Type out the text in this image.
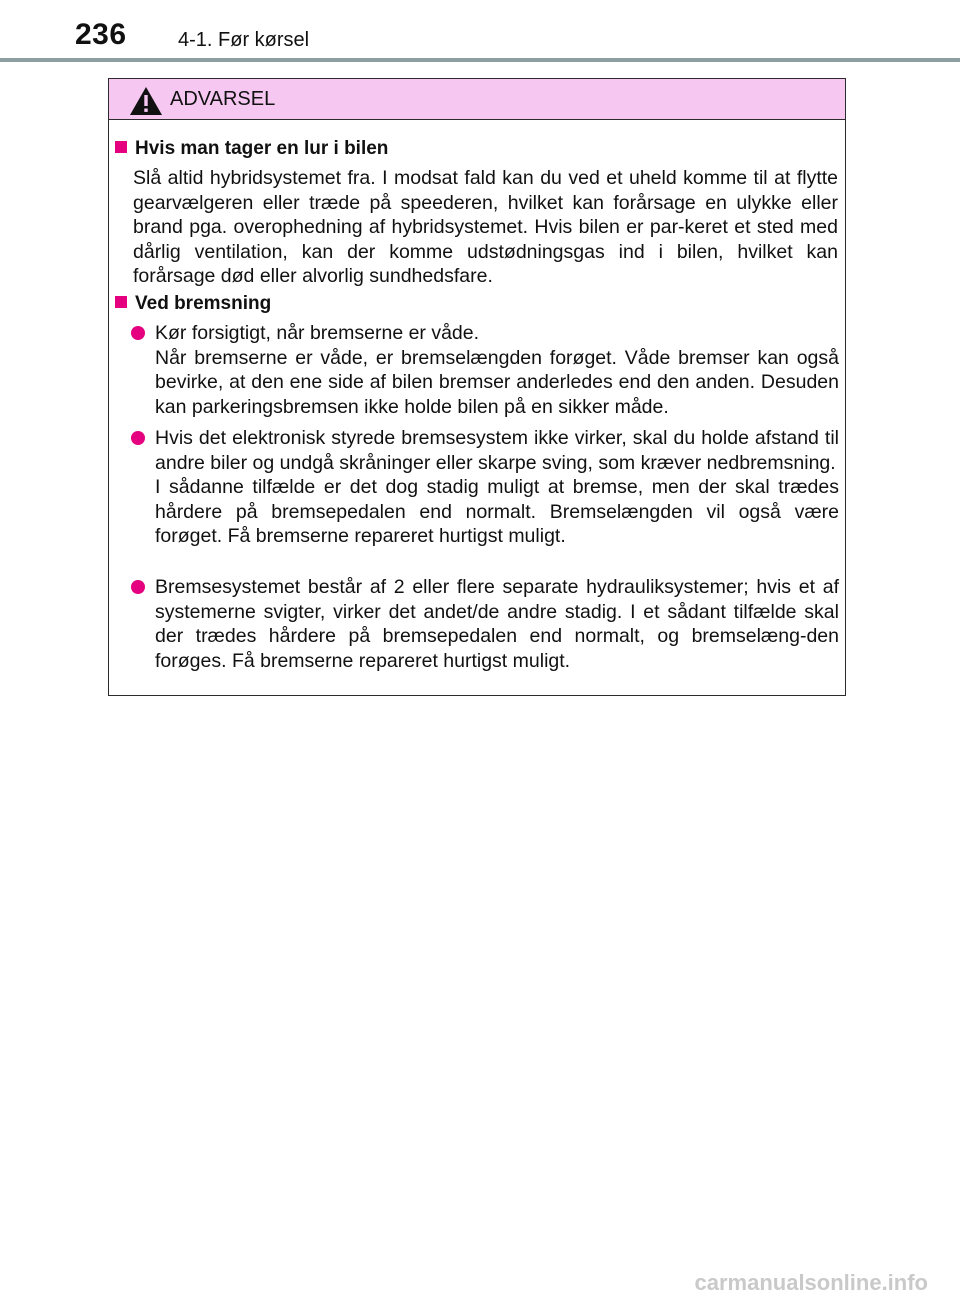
236	4-1. Før kørsel
ADVARSEL
Hvis man tager en lur i bilen
Slå altid hybridsystemet fra. I modsat fald kan du ved et uheld komme til at flytte gearvælgeren eller træde på speederen, hvilket kan forårsage en ulykke eller brand pga. overophedning af hybridsystemet. Hvis bilen er par-keret et sted med dårlig ventilation, kan der komme udstødningsgas ind i bilen, hvilket kan forårsage død eller alvorlig sundhedsfare.
Ved bremsning

Kør forsigtigt, når bremserne er våde.

Når bremserne er våde, er bremselængden forøget. Våde bremser kan også bevirke, at den ene side af bilen bremser anderledes end den anden. Desuden kan parkeringsbremsen ikke holde bilen på en sikker måde.

Hvis det elektronisk styrede bremsesystem ikke virker, skal du holde afstand til andre biler og undgå skråninger eller skarpe sving, som kræver nedbremsning.

I sådanne tilfælde er det dog stadig muligt at bremse, men der skal trædes hårdere på bremsepedalen end normalt. Bremselængden vil også være forøget. Få bremserne repareret hurtigst muligt.

Bremsesystemet består af 2 eller flere separate hydrauliksystemer; hvis et af systemerne svigter, virker det andet/de andre stadig. I et sådant tilfælde skal der trædes hårdere på bremsepedalen end normalt, og bremselæng-den forøges. Få bremserne repareret hurtigst muligt.

carmanualsonline.info
